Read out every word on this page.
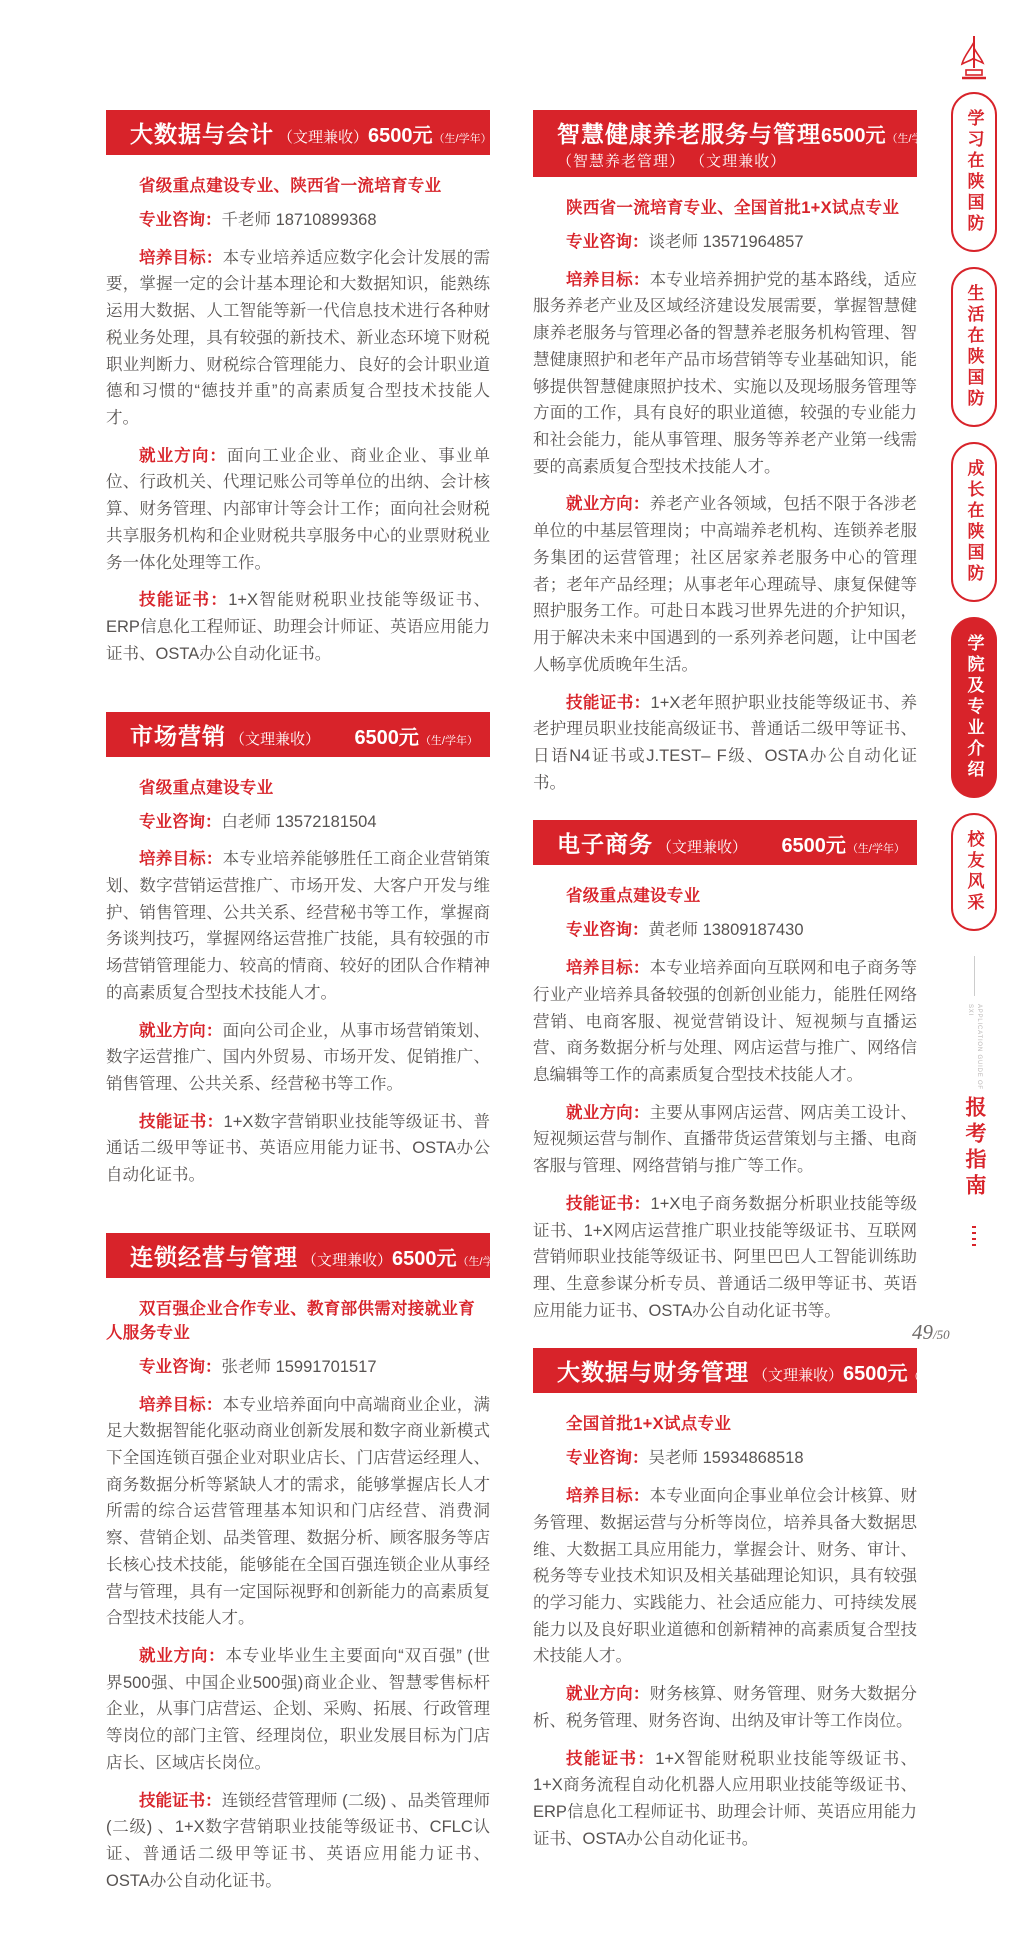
大数据与会计 （文理兼收） 6500元 （生/学年）

省级重点建设专业、陕西省一流培育专业

专业咨询：千老师 18710899368

培养目标：本专业培养适应数字化会计发展的需要，掌握一定的会计基本理论和大数据知识，能熟练运用大数据、人工智能等新一代信息技术进行各种财税业务处理，具有较强的新技术、新业态环境下财税职业判断力、财税综合管理能力、良好的会计职业道德和习惯的“德技并重”的高素质复合型技术技能人才。

就业方向：面向工业企业、商业企业、事业单位、行政机关、代理记账公司等单位的出纳、会计核算、财务管理、内部审计等会计工作；面向社会财税共享服务机构和企业财税共享服务中心的业票财税业务一体化处理等工作。

技能证书：1+X智能财税职业技能等级证书、ERP信息化工程师证、助理会计师证、英语应用能力证书、OSTA办公自动化证书。

市场营销 （文理兼收） 6500元 （生/学年）

省级重点建设专业

专业咨询：白老师 13572181504

培养目标：本专业培养能够胜任工商企业营销策划、数字营销运营推广、市场开发、大客户开发与维护、销售管理、公共关系、经营秘书等工作，掌握商务谈判技巧，掌握网络运营推广技能，具有较强的市场营销管理能力、较高的情商、较好的团队合作精神的高素质复合型技术技能人才。

就业方向：面向公司企业，从事市场营销策划、数字运营推广、国内外贸易、市场开发、促销推广、销售管理、公共关系、经营秘书等工作。

技能证书：1+X数字营销职业技能等级证书、普通话二级甲等证书、英语应用能力证书、OSTA办公自动化证书。

连锁经营与管理 （文理兼收） 6500元 （生/学年）

双百强企业合作专业、教育部供需对接就业育人服务专业

专业咨询：张老师 15991701517

培养目标：本专业培养面向中高端商业企业，满足大数据智能化驱动商业创新发展和数字商业新模式下全国连锁百强企业对职业店长、门店营运经理人、商务数据分析等紧缺人才的需求，能够掌握店长人才所需的综合运营管理基本知识和门店经营、消费洞察、营销企划、品类管理、数据分析、顾客服务等店长核心技术技能，能够能在全国百强连锁企业从事经营与管理，具有一定国际视野和创新能力的高素质复合型技术技能人才。

就业方向：本专业毕业生主要面向“双百强” (世界500强、中国企业500强)商业企业、智慧零售标杆企业，从事门店营运、企划、采购、拓展、行政管理等岗位的部门主管、经理岗位，职业发展目标为门店店长、区域店长岗位。

技能证书：连锁经营管理师 (二级) 、品类管理师 (二级) 、1+X数字营销职业技能等级证书、CFLC认证、普通话二级甲等证书、英语应用能力证书、OSTA办公自动化证书。

智慧健康养老服务与管理 6500元 （生/学年）
（智慧养老管理） （文理兼收）

陕西省一流培育专业、全国首批1+X试点专业

专业咨询：谈老师 13571964857

培养目标：本专业培养拥护党的基本路线，适应服务养老产业及区域经济建设发展需要，掌握智慧健康养老服务与管理必备的智慧养老服务机构管理、智慧健康照护和老年产品市场营销等专业基础知识，能够提供智慧健康照护技术、实施以及现场服务管理等方面的工作，具有良好的职业道德，较强的专业能力和社会能力，能从事管理、服务等养老产业第一线需要的高素质复合型技术技能人才。

就业方向：养老产业各领域，包括不限于各涉老单位的中基层管理岗；中高端养老机构、连锁养老服务集团的运营管理；社区居家养老服务中心的管理者；老年产品经理；从事老年心理疏导、康复保健等照护服务工作。可赴日本践习世界先进的介护知识，用于解决未来中国遇到的一系列养老问题，让中国老人畅享优质晚年生活。

技能证书：1+X老年照护职业技能等级证书、养老护理员职业技能高级证书、普通话二级甲等证书、日语N4证书或J.TEST– F级、OSTA办公自动化证书。

电子商务 （文理兼收） 6500元 （生/学年）

省级重点建设专业

专业咨询：黄老师 13809187430

培养目标：本专业培养面向互联网和电子商务等行业产业培养具备较强的创新创业能力，能胜任网络营销、电商客服、视觉营销设计、短视频与直播运营、商务数据分析与处理、网店运营与推广、网络信息编辑等工作的高素质复合型技术技能人才。

就业方向：主要从事网店运营、网店美工设计、短视频运营与制作、直播带货运营策划与主播、电商客服与管理、网络营销与推广等工作。

技能证书：1+X电子商务数据分析职业技能等级证书、1+X网店运营推广职业技能等级证书、互联网营销师职业技能等级证书、阿里巴巴人工智能训练助理、生意参谋分析专员、普通话二级甲等证书、英语应用能力证书、OSTA办公自动化证书等。

大数据与财务管理 （文理兼收） 6500元 （生/学年）

全国首批1+X试点专业

专业咨询：吴老师 15934868518

培养目标：本专业面向企事业单位会计核算、财务管理、数据运营与分析等岗位，培养具备大数据思维、大数据工具应用能力，掌握会计、财务、审计、税务等专业技术知识及相关基础理论知识，具有较强的学习能力、实践能力、社会适应能力、可持续发展能力以及良好职业道德和创新精神的高素质复合型技术技能人才。

就业方向：财务核算、财务管理、财务大数据分析、税务管理、财务咨询、出纳及审计等工作岗位。

技能证书：1+X智能财税职业技能等级证书、 1+X商务流程自动化机器人应用职业技能等级证书、ERP信息化工程师证书、助理会计师、英语应用能力证书、OSTA办公自动化证书。

学习在陕国防
生活在陕国防
成长在陕国防
学院及专业介绍
校友风采
APPLICATION GUIDE OF SXI
报考指南
49/50
